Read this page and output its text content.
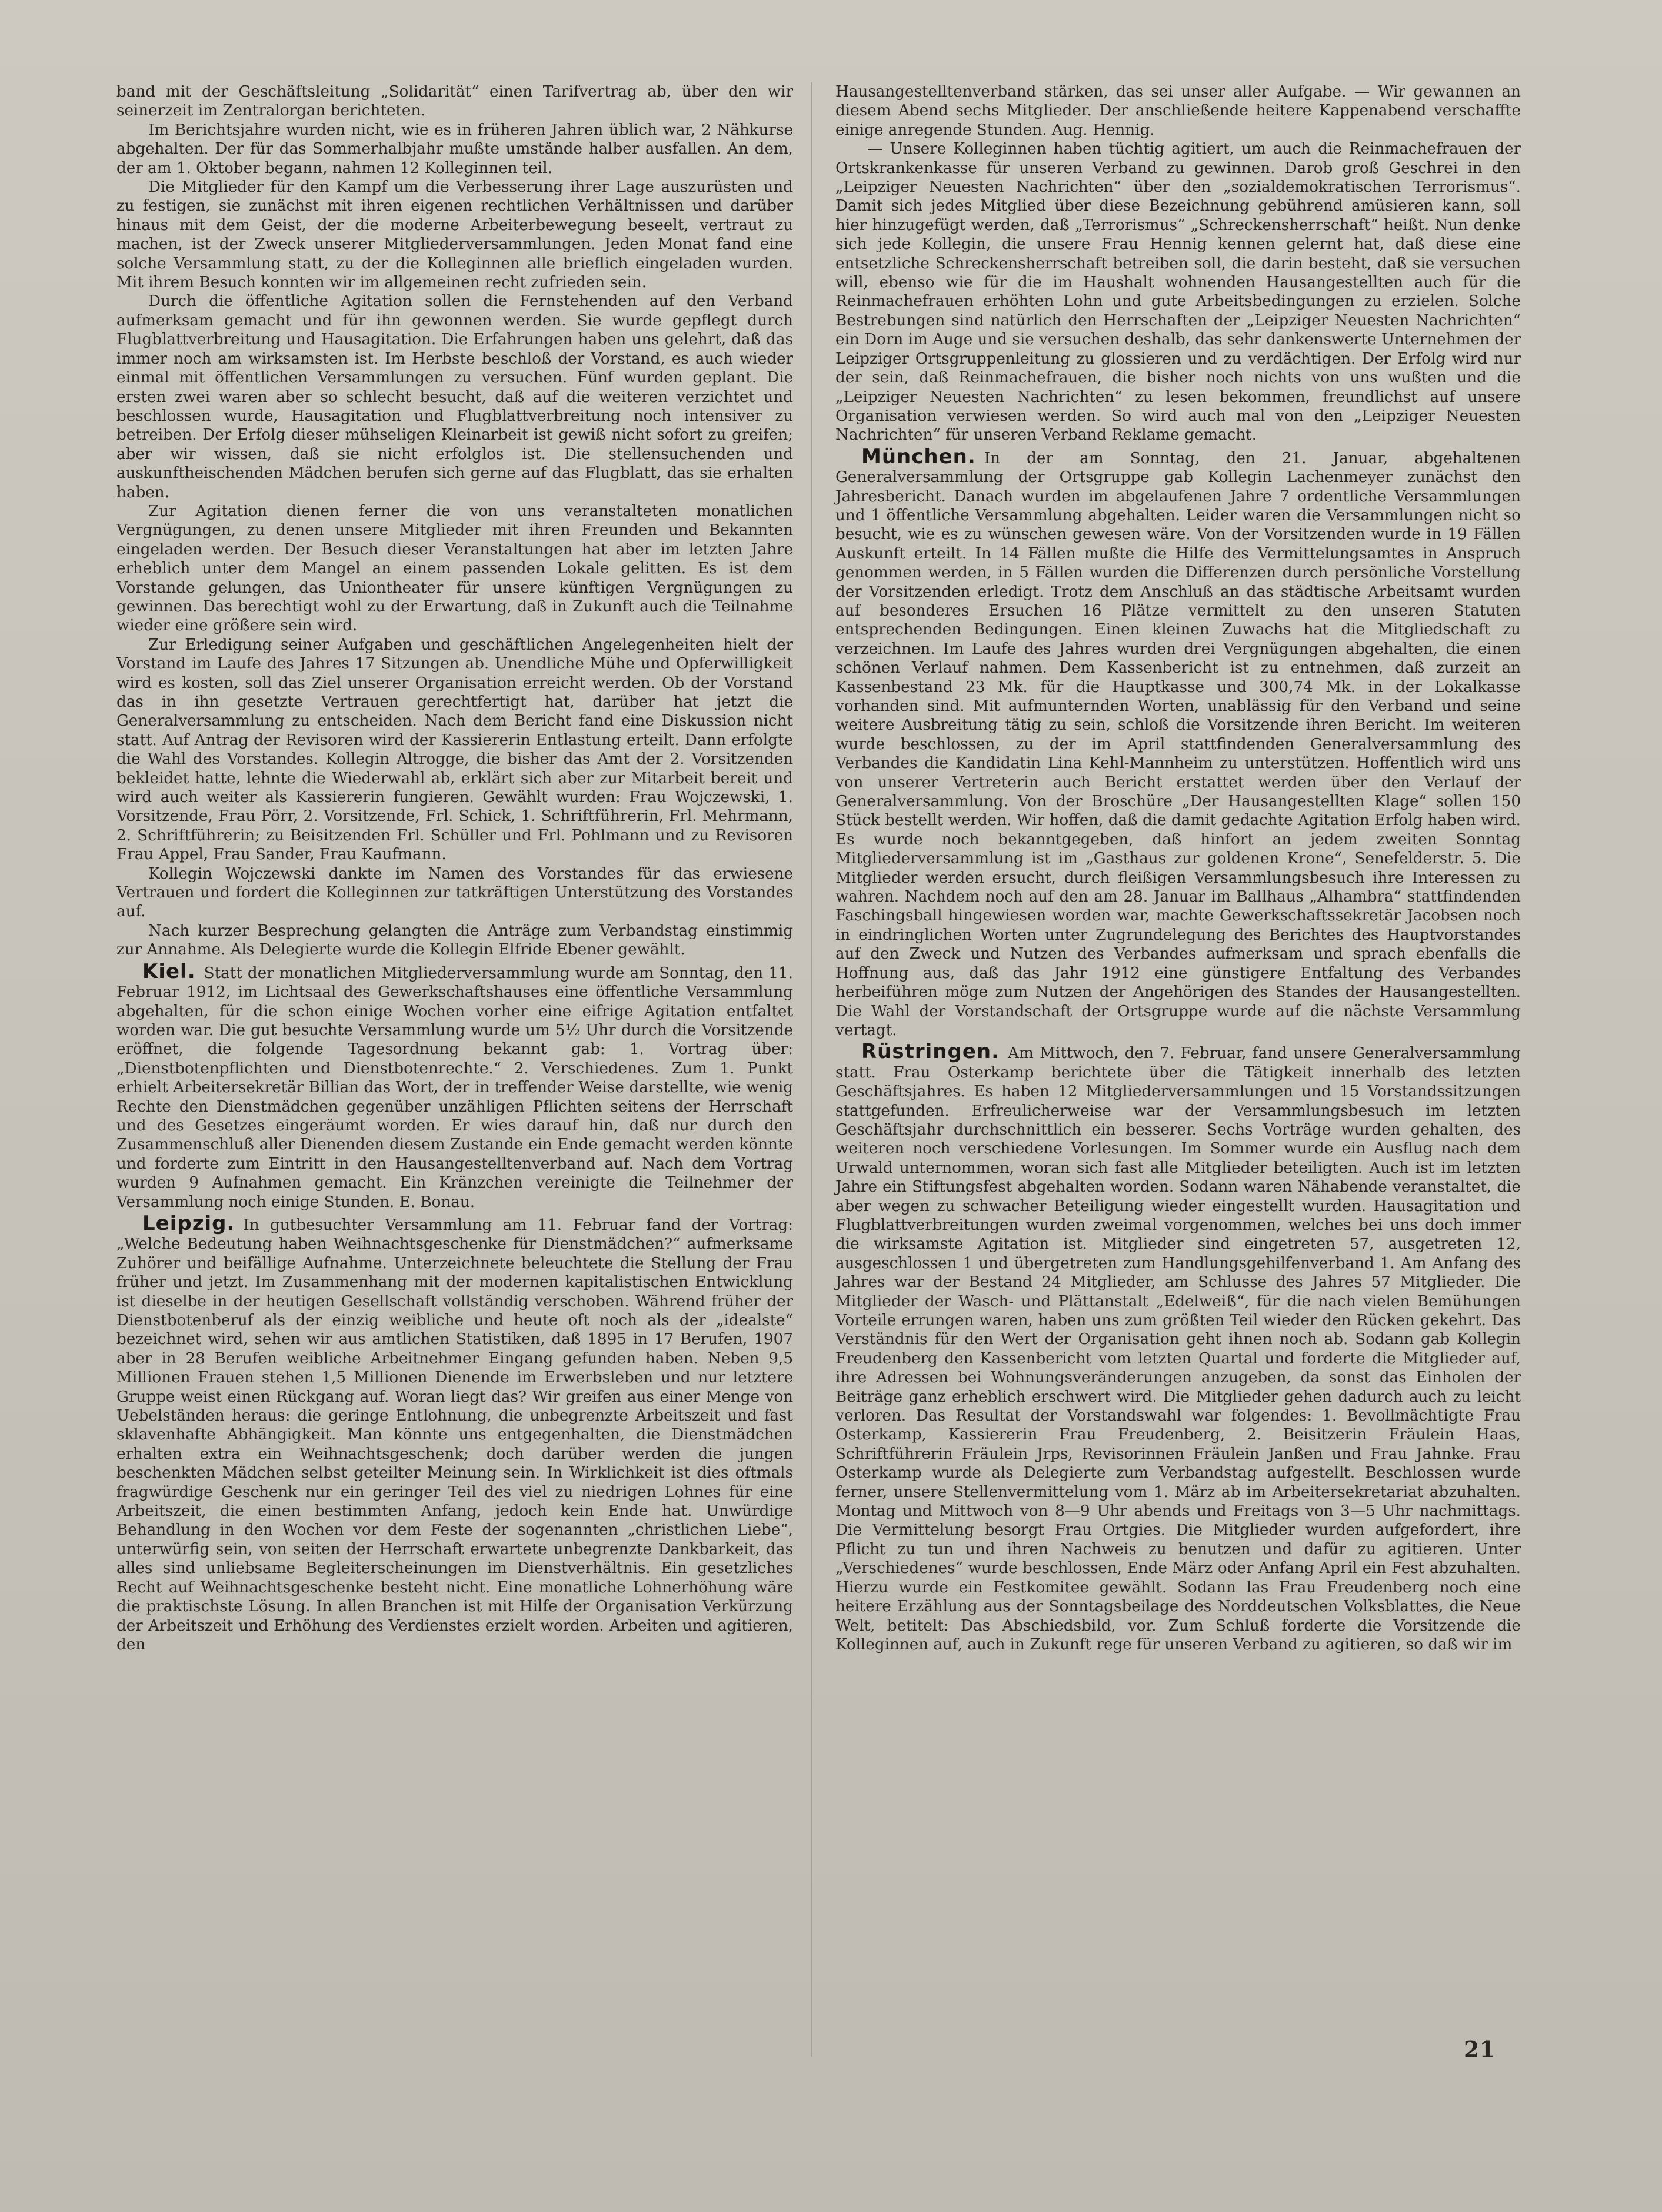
band mit der Geschäftsleitung „Solidarität“ einen Tarifvertrag ab, über den wir seinerzeit im Zentralorgan berichteten.

Im Berichtsjahre wurden nicht, wie es in früheren Jahren üblich war, 2 Nähkurse abgehalten. Der für das Sommerhalbjahr mußte umstände halber ausfallen. An dem, der am 1. Oktober begann, nahmen 12 Kolleginnen teil.

Die Mitglieder für den Kampf um die Verbesserung ihrer Lage auszurüsten und zu festigen, sie zunächst mit ihren eigenen rechtlichen Verhältnissen und darüber hinaus mit dem Geist, der die moderne Arbeiterbewegung beseelt, vertraut zu machen, ist der Zweck unserer Mitgliederversammlungen. Jeden Monat fand eine solche Versammlung statt, zu der die Kolleginnen alle brieflich eingeladen wurden. Mit ihrem Besuch konnten wir im allgemeinen recht zufrieden sein.

Durch die öffentliche Agitation sollen die Fernstehenden auf den Verband aufmerksam gemacht und für ihn gewonnen werden. Sie wurde gepflegt durch Flugblattverbreitung und Hausagitation. Die Erfahrungen haben uns gelehrt, daß das immer noch am wirksamsten ist. Im Herbste beschloß der Vorstand, es auch wieder einmal mit öffentlichen Versammlungen zu versuchen. Fünf wurden geplant. Die ersten zwei waren aber so schlecht besucht, daß auf die weiteren verzichtet und beschlossen wurde, Hausagitation und Flugblattverbreitung noch intensiver zu betreiben. Der Erfolg dieser mühseligen Kleinarbeit ist gewiß nicht sofort zu greifen; aber wir wissen, daß sie nicht erfolglos ist. Die stellensuchenden und auskunftheischenden Mädchen berufen sich gerne auf das Flugblatt, das sie erhalten haben.

Zur Agitation dienen ferner die von uns veranstalteten monatlichen Vergnügungen, zu denen unsere Mitglieder mit ihren Freunden und Bekannten eingeladen werden. Der Besuch dieser Veranstaltungen hat aber im letzten Jahre erheblich unter dem Mangel an einem passenden Lokale gelitten. Es ist dem Vorstande gelungen, das Uniontheater für unsere künftigen Vergnügungen zu gewinnen. Das berechtigt wohl zu der Erwartung, daß in Zukunft auch die Teilnahme wieder eine größere sein wird.

Zur Erledigung seiner Aufgaben und geschäftlichen Angelegenheiten hielt der Vorstand im Laufe des Jahres 17 Sitzungen ab. Unendliche Mühe und Opferwilligkeit wird es kosten, soll das Ziel unserer Organisation erreicht werden. Ob der Vorstand das in ihn gesetzte Vertrauen gerechtfertigt hat, darüber hat jetzt die Generalversammlung zu entscheiden. Nach dem Bericht fand eine Diskussion nicht statt. Auf Antrag der Revisoren wird der Kassiererin Entlastung erteilt. Dann erfolgte die Wahl des Vorstandes. Kollegin Altrogge, die bisher das Amt der 2. Vorsitzenden bekleidet hatte, lehnte die Wiederwahl ab, erklärt sich aber zur Mitarbeit bereit und wird auch weiter als Kassiererin fungieren. Gewählt wurden: Frau Wojczewski, 1. Vorsitzende, Frau Pörr, 2. Vorsitzende, Frl. Schick, 1. Schriftführerin, Frl. Mehrmann, 2. Schriftführerin; zu Beisitzenden Frl. Schüller und Frl. Pohlmann und zu Revisoren Frau Appel, Frau Sander, Frau Kaufmann.

Kollegin Wojczewski dankte im Namen des Vorstandes für das erwiesene Vertrauen und fordert die Kolleginnen zur tatkräftigen Unterstützung des Vorstandes auf.

Nach kurzer Besprechung gelangten die Anträge zum Verbandstag einstimmig zur Annahme. Als Delegierte wurde die Kollegin Elfride Ebener gewählt.

Kiel. Statt der monatlichen Mitgliederversammlung wurde am Sonntag, den 11. Februar 1912, im Lichtsaal des Gewerkschaftshauses eine öffentliche Versammlung abgehalten, für die schon einige Wochen vorher eine eifrige Agitation entfaltet worden war. Die gut besuchte Versammlung wurde um 5½ Uhr durch die Vorsitzende eröffnet, die folgende Tagesordnung bekannt gab: 1. Vortrag über: „Dienstbotenpflichten und Dienstbotenrechte.“ 2. Verschiedenes. Zum 1. Punkt erhielt Arbeitersekretär Billian das Wort, der in treffender Weise darstellte, wie wenig Rechte den Dienstmädchen gegenüber unzähligen Pflichten seitens der Herrschaft und des Gesetzes eingeräumt worden. Er wies darauf hin, daß nur durch den Zusammenschluß aller Dienenden diesem Zustande ein Ende gemacht werden könnte und forderte zum Eintritt in den Hausangestelltenverband auf. Nach dem Vortrag wurden 9 Aufnahmen gemacht. Ein Kränzchen vereinigte die Teilnehmer der Versammlung noch einige Stunden. E. Bonau.

Leipzig. In gutbesuchter Versammlung am 11. Februar fand der Vortrag: „Welche Bedeutung haben Weihnachtsgeschenke für Dienstmädchen?“ aufmerksame Zuhörer und beifällige Aufnahme. Unterzeichnete beleuchtete die Stellung der Frau früher und jetzt. Im Zusammenhang mit der modernen kapitalistischen Entwicklung ist dieselbe in der heutigen Gesellschaft vollständig verschoben. Während früher der Dienstbotenberuf als der einzig weibliche und heute oft noch als der „idealste“ bezeichnet wird, sehen wir aus amtlichen Statistiken, daß 1895 in 17 Berufen, 1907 aber in 28 Berufen weibliche Arbeitnehmer Eingang gefunden haben. Neben 9,5 Millionen Frauen stehen 1,5 Millionen Dienende im Erwerbsleben und nur letztere Gruppe weist einen Rückgang auf. Woran liegt das? Wir greifen aus einer Menge von Uebelständen heraus: die geringe Entlohnung, die unbegrenzte Arbeitszeit und fast sklavenhafte Abhängigkeit. Man könnte uns entgegenhalten, die Dienstmädchen erhalten extra ein Weihnachtsgeschenk; doch darüber werden die jungen beschenkten Mädchen selbst geteilter Meinung sein. In Wirklichkeit ist dies oftmals fragwürdige Geschenk nur ein geringer Teil des viel zu niedrigen Lohnes für eine Arbeitszeit, die einen bestimmten Anfang, jedoch kein Ende hat. Unwürdige Behandlung in den Wochen vor dem Feste der sogenannten „christlichen Liebe“, unterwürfig sein, von seiten der Herrschaft erwartete unbegrenzte Dankbarkeit, das alles sind unliebsame Begleiterscheinungen im Dienstverhältnis. Ein gesetzliches Recht auf Weihnachtsgeschenke besteht nicht. Eine monatliche Lohnerhöhung wäre die praktischste Lösung. In allen Branchen ist mit Hilfe der Organisation Verkürzung der Arbeitszeit und Erhöhung des Verdienstes erzielt worden. Arbeiten und agitieren, den

Hausangestelltenverband stärken, das sei unser aller Aufgabe. — Wir gewannen an diesem Abend sechs Mitglieder. Der anschließende heitere Kappenabend verschaffte einige anregende Stunden. Aug. Hennig.

— Unsere Kolleginnen haben tüchtig agitiert, um auch die Reinmachefrauen der Ortskrankenkasse für unseren Verband zu gewinnen. Darob groß Geschrei in den „Leipziger Neuesten Nachrichten“ über den „sozialdemokratischen Terrorismus“. Damit sich jedes Mitglied über diese Bezeichnung gebührend amüsieren kann, soll hier hinzugefügt werden, daß „Terrorismus“ „Schreckensherrschaft“ heißt. Nun denke sich jede Kollegin, die unsere Frau Hennig kennen gelernt hat, daß diese eine entsetzliche Schreckensherrschaft betreiben soll, die darin besteht, daß sie versuchen will, ebenso wie für die im Haushalt wohnenden Hausangestellten auch für die Reinmachefrauen erhöhten Lohn und gute Arbeitsbedingungen zu erzielen. Solche Bestrebungen sind natürlich den Herrschaften der „Leipziger Neuesten Nachrichten“ ein Dorn im Auge und sie versuchen deshalb, das sehr dankenswerte Unternehmen der Leipziger Ortsgruppenleitung zu glossieren und zu verdächtigen. Der Erfolg wird nur der sein, daß Reinmachefrauen, die bisher noch nichts von uns wußten und die „Leipziger Neuesten Nachrichten“ zu lesen bekommen, freundlichst auf unsere Organisation verwiesen werden. So wird auch mal von den „Leipziger Neuesten Nachrichten“ für unseren Verband Reklame gemacht.

München. In der am Sonntag, den 21. Januar, abgehaltenen Generalversammlung der Ortsgruppe gab Kollegin Lachenmeyer zunächst den Jahresbericht. Danach wurden im abgelaufenen Jahre 7 ordentliche Versammlungen und 1 öffentliche Versammlung abgehalten. Leider waren die Versammlungen nicht so besucht, wie es zu wünschen gewesen wäre. Von der Vorsitzenden wurde in 19 Fällen Auskunft erteilt. In 14 Fällen mußte die Hilfe des Vermittelungsamtes in Anspruch genommen werden, in 5 Fällen wurden die Differenzen durch persönliche Vorstellung der Vorsitzenden erledigt. Trotz dem Anschluß an das städtische Arbeitsamt wurden auf besonderes Ersuchen 16 Plätze vermittelt zu den unseren Statuten entsprechenden Bedingungen. Einen kleinen Zuwachs hat die Mitgliedschaft zu verzeichnen. Im Laufe des Jahres wurden drei Vergnügungen abgehalten, die einen schönen Verlauf nahmen. Dem Kassenbericht ist zu entnehmen, daß zurzeit an Kassenbestand 23 Mk. für die Hauptkasse und 300,74 Mk. in der Lokalkasse vorhanden sind. Mit aufmunternden Worten, unablässig für den Verband und seine weitere Ausbreitung tätig zu sein, schloß die Vorsitzende ihren Bericht. Im weiteren wurde beschlossen, zu der im April stattfindenden Generalversammlung des Verbandes die Kandidatin Lina Kehl-Mannheim zu unterstützen. Hoffentlich wird uns von unserer Vertreterin auch Bericht erstattet werden über den Verlauf der Generalversammlung. Von der Broschüre „Der Hausangestellten Klage“ sollen 150 Stück bestellt werden. Wir hoffen, daß die damit gedachte Agitation Erfolg haben wird. Es wurde noch bekanntgegeben, daß hinfort an jedem zweiten Sonntag Mitgliederversammlung ist im „Gasthaus zur goldenen Krone“, Senefelderstr. 5. Die Mitglieder werden ersucht, durch fleißigen Versammlungsbesuch ihre Interessen zu wahren. Nachdem noch auf den am 28. Januar im Ballhaus „Alhambra“ stattfindenden Faschingsball hingewiesen worden war, machte Gewerkschaftssekretär Jacobsen noch in eindringlichen Worten unter Zugrundelegung des Berichtes des Hauptvorstandes auf den Zweck und Nutzen des Verbandes aufmerksam und sprach ebenfalls die Hoffnung aus, daß das Jahr 1912 eine günstigere Entfaltung des Verbandes herbeiführen möge zum Nutzen der Angehörigen des Standes der Hausangestellten. Die Wahl der Vorstandschaft der Ortsgruppe wurde auf die nächste Versammlung vertagt.

Rüstringen. Am Mittwoch, den 7. Februar, fand unsere Generalversammlung statt. Frau Osterkamp berichtete über die Tätigkeit innerhalb des letzten Geschäftsjahres. Es haben 12 Mitgliederversammlungen und 15 Vorstandssitzungen stattgefunden. Erfreulicherweise war der Versammlungsbesuch im letzten Geschäftsjahr durchschnittlich ein besserer. Sechs Vorträge wurden gehalten, des weiteren noch verschiedene Vorlesungen. Im Sommer wurde ein Ausflug nach dem Urwald unternommen, woran sich fast alle Mitglieder beteiligten. Auch ist im letzten Jahre ein Stiftungsfest abgehalten worden. Sodann waren Nähabende veranstaltet, die aber wegen zu schwacher Beteiligung wieder eingestellt wurden. Hausagitation und Flugblattverbreitungen wurden zweimal vorgenommen, welches bei uns doch immer die wirksamste Agitation ist. Mitglieder sind eingetreten 57, ausgetreten 12, ausgeschlossen 1 und übergetreten zum Handlungsgehilfenverband 1. Am Anfang des Jahres war der Bestand 24 Mitglieder, am Schlusse des Jahres 57 Mitglieder. Die Mitglieder der Wasch- und Plättanstalt „Edelweiß“, für die nach vielen Bemühungen Vorteile errungen waren, haben uns zum größten Teil wieder den Rücken gekehrt. Das Verständnis für den Wert der Organisation geht ihnen noch ab. Sodann gab Kollegin Freudenberg den Kassenbericht vom letzten Quartal und forderte die Mitglieder auf, ihre Adressen bei Wohnungsveränderungen anzugeben, da sonst das Einholen der Beiträge ganz erheblich erschwert wird. Die Mitglieder gehen dadurch auch zu leicht verloren. Das Resultat der Vorstandswahl war folgendes: 1. Bevollmächtigte Frau Osterkamp, Kassiererin Frau Freudenberg, 2. Beisitzerin Fräulein Haas, Schriftführerin Fräulein Jrps, Revisorinnen Fräulein Janßen und Frau Jahnke. Frau Osterkamp wurde als Delegierte zum Verbandstag aufgestellt. Beschlossen wurde ferner, unsere Stellenvermittelung vom 1. März ab im Arbeitersekretariat abzuhalten. Montag und Mittwoch von 8—9 Uhr abends und Freitags von 3—5 Uhr nachmittags. Die Vermittelung besorgt Frau Ortgies. Die Mitglieder wurden aufgefordert, ihre Pflicht zu tun und ihren Nachweis zu benutzen und dafür zu agitieren. Unter „Verschiedenes“ wurde beschlossen, Ende März oder Anfang April ein Fest abzuhalten. Hierzu wurde ein Festkomitee gewählt. Sodann las Frau Freudenberg noch eine heitere Erzählung aus der Sonntagsbeilage des Norddeutschen Volksblattes, die Neue Welt, betitelt: Das Abschiedsbild, vor. Zum Schluß forderte die Vorsitzende die Kolleginnen auf, auch in Zukunft rege für unseren Verband zu agitieren, so daß wir im

21
